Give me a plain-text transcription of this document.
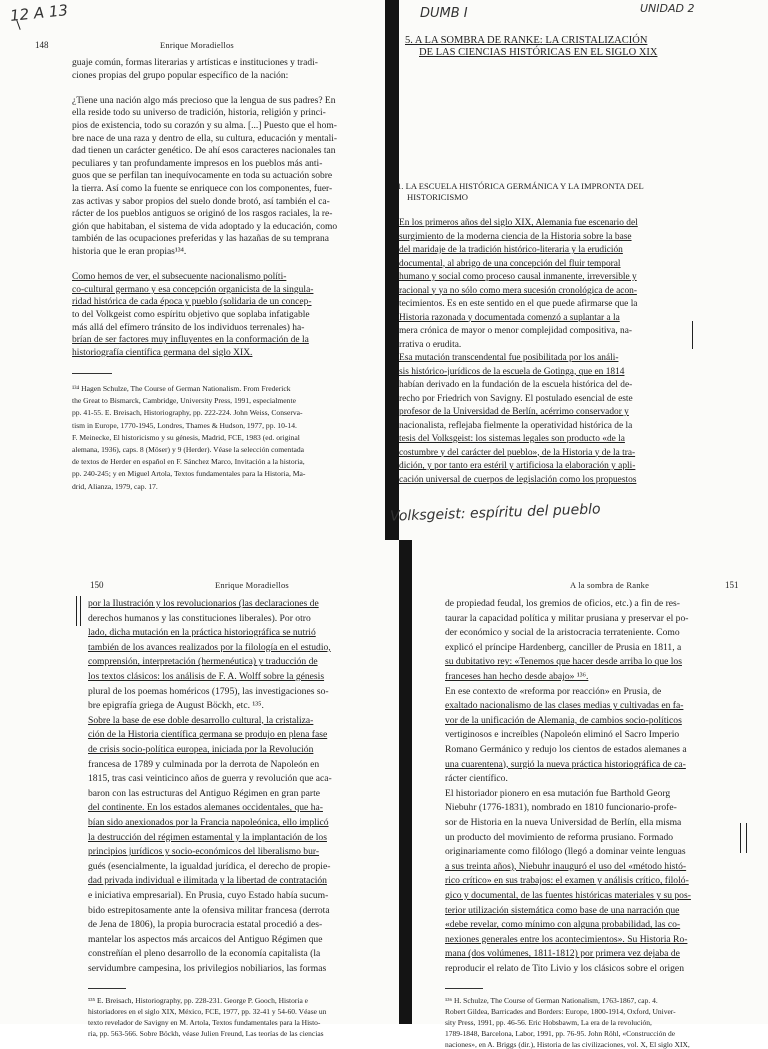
12 A 13
148	Enrique Moradiellos
guaje común, formas literarias y artísticas e instituciones y tradi-
ciones propias del grupo popular específico de la nación:
¿Tiene una nación algo más precioso que la lengua de sus padres? En
ella reside todo su universo de tradición, historia, religión y princi-
pios de existencia, todo su corazón y su alma. [...] Puesto que el hom-
bre nace de una raza y dentro de ella, su cultura, educación y mentali-
dad tienen un carácter genético. De ahí esos caracteres nacionales tan
peculiares y tan profundamente impresos en los pueblos más anti-
guos que se perfilan tan inequívocamente en toda su actuación sobre
la tierra. Así como la fuente se enriquece con los componentes, fuer-
zas activas y sabor propios del suelo donde brotó, así también el ca-
rácter de los pueblos antiguos se originó de los rasgos raciales, la re-
gión que habitaban, el sistema de vida adoptado y la educación, como
también de las ocupaciones preferidas y las hazañas de su temprana
historia que le eran propias¹³⁴.
Como hemos de ver, el subsecuente nacionalismo políti-
co-cultural germano y esa concepción organicista de la singula-
ridad histórica de cada época y pueblo (solidaria de un concep-
to del Volkgeist como espíritu objetivo que soplaba infatigable
más allá del efímero tránsito de los individuos terrenales) ha-
brían de ser factores muy influyentes en la conformación de la
historiografía científica germana del siglo XIX.
¹³⁴ Hagen Schulze, The Course of German Nationalism. From Frederick
the Great to Bismarck, Cambridge, University Press, 1991, especialmente
pp. 41-55. E. Breisach, Historiography, pp. 222-224. John Weiss, Conserva-
tism in Europe, 1770-1945, Londres, Thames & Hudson, 1977, pp. 10-14.
F. Meinecke, El historicismo y su génesis, Madrid, FCE, 1983 (ed. original
alemana, 1936), caps. 8 (Möser) y 9 (Herder). Véase la selección comentada
de textos de Herder en español en F. Sánchez Marco, Invitación a la historia,
pp. 240-245; y en Miguel Artola, Textos fundamentales para la Historia, Ma-
drid, Alianza, 1979, cap. 17.
DUMB I	UNIDAD 2
5. A LA SOMBRA DE RANKE: LA CRISTALIZACIÓN
DE LAS CIENCIAS HISTÓRICAS EN EL SIGLO XIX
1. LA ESCUELA HISTÓRICA GERMÁNICA Y LA IMPRONTA DEL
HISTORICISMO
En los primeros años del siglo XIX, Alemania fue escenario del
surgimiento de la moderna ciencia de la Historia sobre la base
del maridaje de la tradición histórico-literaria y la erudición
documental, al abrigo de una concepción del fluir temporal
humano y social como proceso causal inmanente, irreversible y
racional y ya no sólo como mera sucesión cronológica de acon-
tecimientos. Es en este sentido en el que puede afirmarse que la
Historia razonada y documentada comenzó a suplantar a la
mera crónica de mayor o menor complejidad compositiva, na-
rrativa o erudita.
Esa mutación transcendental fue posibilitada por los análi-
sis histórico-jurídicos de la escuela de Gotinga, que en 1814
habían derivado en la fundación de la escuela histórica del de-
recho por Friedrich von Savigny. El postulado esencial de este
profesor de la Universidad de Berlín, acérrimo conservador y
nacionalista, reflejaba fielmente la operatividad histórica de la
tesis del Volksgeist: los sistemas legales son producto «de la
costumbre y del carácter del pueblo», de la Historia y de la tra-
dición, y por tanto era estéril y artificiosa la elaboración y apli-
cación universal de cuerpos de legislación como los propuestos
Volksgeist: espíritu del pueblo
150	Enrique Moradiellos
por la Ilustración y los revolucionarios (las declaraciones de
derechos humanos y las constituciones liberales). Por otro
lado, dicha mutación en la práctica historiográfica se nutrió
también de los avances realizados por la filología en el estudio,
comprensión, interpretación (hermenéutica) y traducción de
los textos clásicos: los análisis de F. A. Wolff sobre la génesis
plural de los poemas homéricos (1795), las investigaciones so-
bre epigrafía griega de August Böckh, etc. ¹³⁵.
Sobre la base de ese doble desarrollo cultural, la cristaliza-
ción de la Historia científica germana se produjo en plena fase
de crisis socio-política europea, iniciada por la Revolución
francesa de 1789 y culminada por la derrota de Napoleón en
1815, tras casi veinticinco años de guerra y revolución que aca-
baron con las estructuras del Antiguo Régimen en gran parte
del continente. En los estados alemanes occidentales, que ha-
bían sido anexionados por la Francia napoleónica, ello implicó
la destrucción del régimen estamental y la implantación de los
principios jurídicos y socio-económicos del liberalismo bur-
gués (esencialmente, la igualdad jurídica, el derecho de propie-
dad privada individual e ilimitada y la libertad de contratación
e iniciativa empresarial). En Prusia, cuyo Estado había sucum-
bido estrepitosamente ante la ofensiva militar francesa (derrota
de Jena de 1806), la propia burocracia estatal procedió a des-
mantelar los aspectos más arcaicos del Antiguo Régimen que
constreñían el pleno desarrollo de la economía capitalista (la
servidumbre campesina, los privilegios nobiliarios, las formas
¹³⁵ E. Breisach, Historiography, pp. 228-231. George P. Gooch, Historia e
historiadores en el siglo XIX, México, FCE, 1977, pp. 32-41 y 54-60. Véase un
texto revelador de Savigny en M. Artola, Textos fundamentales para la Histo-
ria, pp. 563-566. Sobre Böckh, véase Julien Freund, Las teorías de las ciencias
A la sombra de Ranke	151
de propiedad feudal, los gremios de oficios, etc.) a fin de res-
taurar la capacidad política y militar prusiana y preservar el po-
der económico y social de la aristocracia terrateniente. Como
explicó el príncipe Hardenberg, canciller de Prusia en 1811, a
su dubitativo rey: «Tenemos que hacer desde arriba lo que los
franceses han hecho desde abajo» ¹³⁶.
En ese contexto de «reforma por reacción» en Prusia, de
exaltado nacionalismo de las clases medias y cultivadas en fa-
vor de la unificación de Alemania, de cambios socio-políticos
vertiginosos e increíbles (Napoleón eliminó el Sacro Imperio
Romano Germánico y redujo los cientos de estados alemanes a
una cuarentena), surgió la nueva práctica historiográfica de ca-
rácter científico.
El historiador pionero en esa mutación fue Barthold Georg
Niebuhr (1776-1831), nombrado en 1810 funcionario-profe-
sor de Historia en la nueva Universidad de Berlín, ella misma
un producto del movimiento de reforma prusiano. Formado
originariamente como filólogo (llegó a dominar veinte lenguas
a sus treinta años), Niebuhr inauguró el uso del «método histó-
rico crítico» en sus trabajos: el examen y análisis crítico, filoló-
gico y documental, de las fuentes históricas materiales y su pos-
terior utilización sistemática como base de una narración que
«debe revelar, como mínimo con alguna probabilidad, las co-
nexiones generales entre los acontecimientos». Su Historia Ro-
mana (dos volúmenes, 1811-1812) por primera vez dejaba de
reproducir el relato de Tito Livio y los clásicos sobre el origen
¹³⁶ H. Schulze, The Course of German Nationalism, 1763-1867, cap. 4.
Robert Gildea, Barricades and Borders: Europe, 1800-1914, Oxford, Univer-
sity Press, 1991, pp. 46-56. Eric Hobsbawm, La era de la revolución,
1789-1848, Barcelona, Labor, 1991, pp. 76-95. John Röhl, «Construcción de
naciones», en A. Briggs (dir.), Historia de las civilizaciones, vol. X, El siglo XIX,
